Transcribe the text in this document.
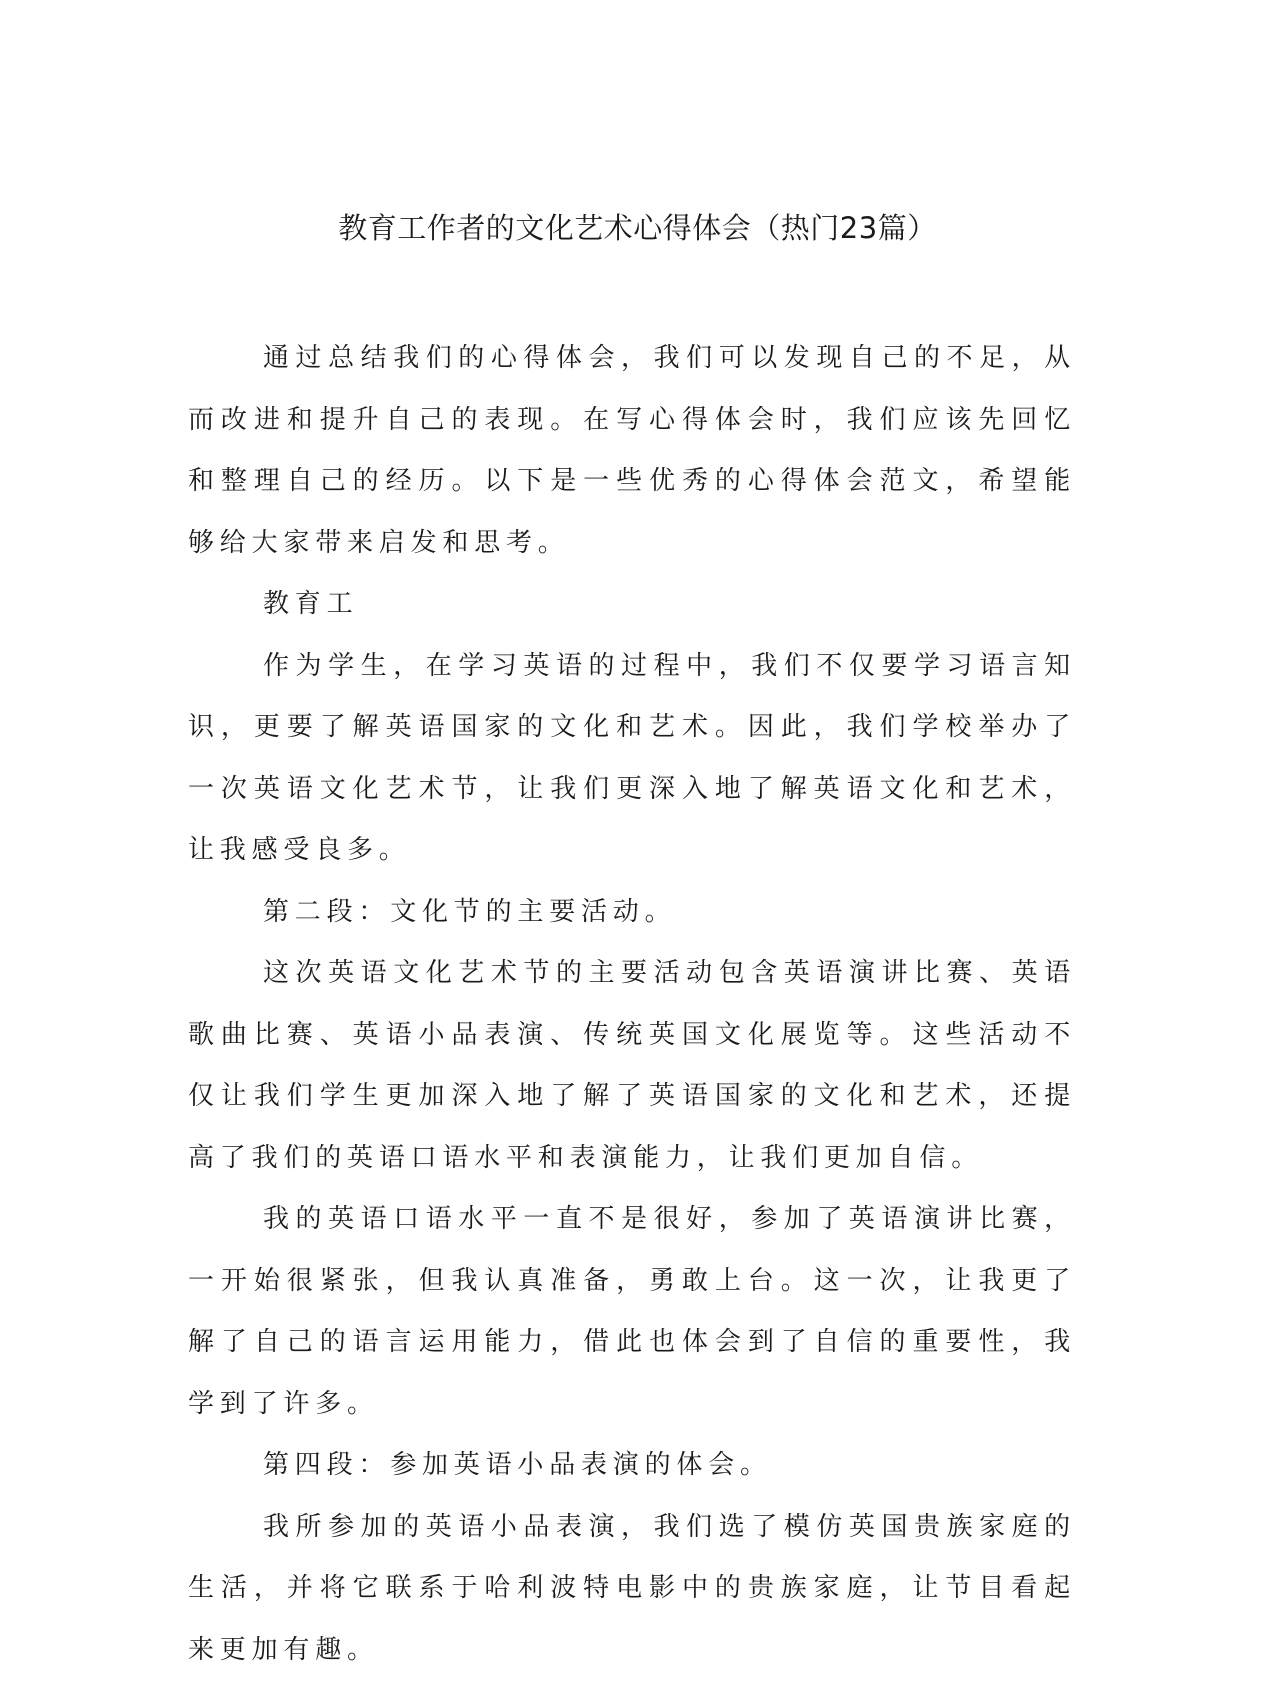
教育工作者的文化艺术心得体会（热门23篇）

通过总结我们的心得体会，我们可以发现自己的不足，从而改进和提升自己的表现。在写心得体会时，我们应该先回忆和整理自己的经历。以下是一些优秀的心得体会范文，希望能够给大家带来启发和思考。

教育工

作为学生，在学习英语的过程中，我们不仅要学习语言知识，更要了解英语国家的文化和艺术。因此，我们学校举办了一次英语文化艺术节，让我们更深入地了解英语文化和艺术，让我感受良多。

第二段：文化节的主要活动。

这次英语文化艺术节的主要活动包含英语演讲比赛、英语歌曲比赛、英语小品表演、传统英国文化展览等。这些活动不仅让我们学生更加深入地了解了英语国家的文化和艺术，还提高了我们的英语口语水平和表演能力，让我们更加自信。

我的英语口语水平一直不是很好，参加了英语演讲比赛，一开始很紧张，但我认真准备，勇敢上台。这一次，让我更了解了自己的语言运用能力，借此也体会到了自信的重要性，我学到了许多。

第四段：参加英语小品表演的体会。

我所参加的英语小品表演，我们选了模仿英国贵族家庭的生活，并将它联系于哈利波特电影中的贵族家庭，让节目看起来更加有趣。
